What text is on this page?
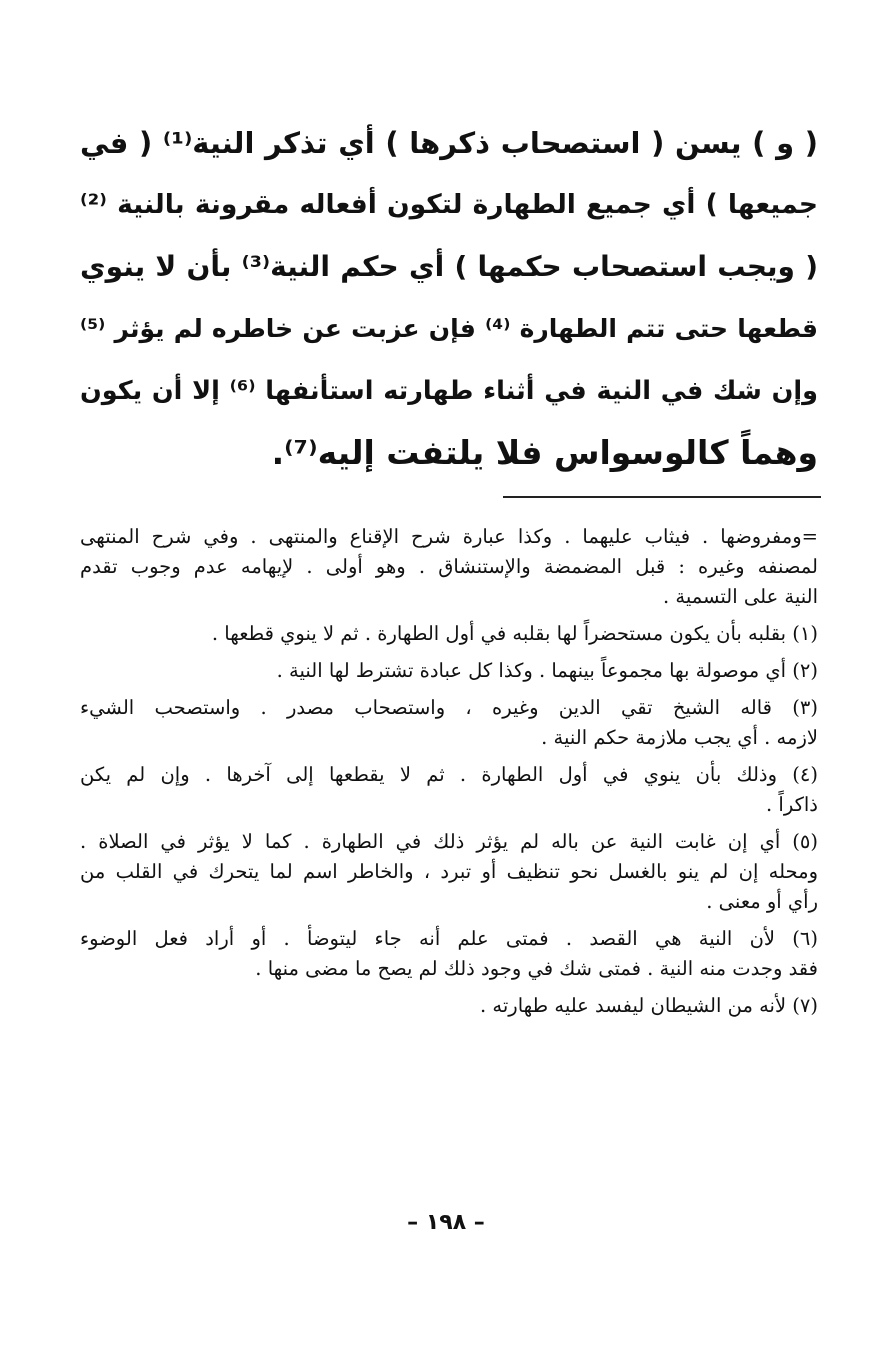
( و ) يسن ( استصحاب ذكرها ) أي تذكر النية⁽¹⁾ ( في
جميعها ) أي جميع الطهارة لتكون أفعاله مقرونة بالنية ⁽²⁾
( ويجب استصحاب حكمها ) أي حكم النية⁽³⁾ بأن لا ينوي
قطعها حتى تتم الطهارة ⁽⁴⁾ فإن عزبت عن خاطره لم يؤثر ⁽⁵⁾
وإن شك في النية في أثناء طهارته استأنفها ⁽⁶⁾ إلا أن يكون
وهماً كالوسواس فلا يلتفت إليه⁽⁷⁾.
=ومفروضها . فيثاب عليهما . وكذا عبارة شرح الإقناع والمنتهى . وفي شرح المنتهى
لمصنفه وغيره : قبل المضمضة والإستنشاق . وهو أولى . لإيهامه عدم وجوب تقدم
النية على التسمية .
(١) بقلبه بأن يكون مستحضراً لها بقلبه في أول الطهارة . ثم لا ينوي قطعها .
(٢) أي موصولة بها مجموعاً بينهما . وكذا كل عبادة تشترط لها النية .
(٣) قاله الشيخ تقي الدين وغيره ، واستصحاب مصدر . واستصحب الشيء
لازمه . أي يجب ملازمة حكم النية .
(٤) وذلك بأن ينوي في أول الطهارة . ثم لا يقطعها إلى آخرها . وإن لم يكن
ذاكراً .
(٥) أي إن غابت النية عن باله لم يؤثر ذلك في الطهارة . كما لا يؤثر في الصلاة .
ومحله إن لم ينو بالغسل نحو تنظيف أو تبرد ، والخاطر اسم لما يتحرك في القلب من
رأي أو معنى .
(٦) لأن النية هي القصد . فمتى علم أنه جاء ليتوضأ . أو أراد فعل الوضوء
فقد وجدت منه النية . فمتى شك في وجود ذلك لم يصح ما مضى منها .
(٧) لأنه من الشيطان ليفسد عليه طهارته .
– ١٩٨ –
